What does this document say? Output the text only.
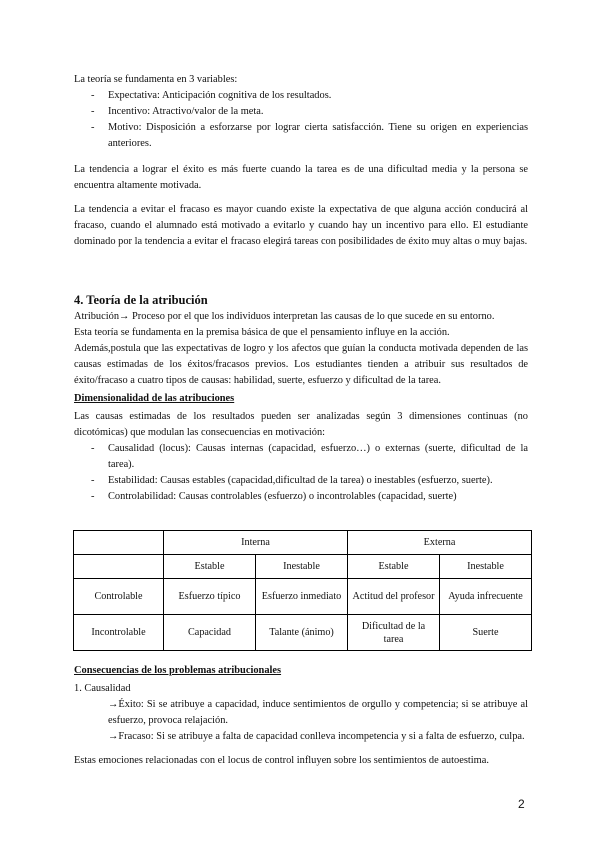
La teoría se fundamenta en 3 variables:
- Expectativa: Anticipación cognitiva de los resultados.
- Incentivo: Atractivo/valor de la meta.
- Motivo: Disposición a esforzarse por lograr cierta satisfacción. Tiene su origen en experiencias anteriores.
La tendencia a lograr el éxito es más fuerte cuando la tarea es de una dificultad media y la persona se encuentra altamente motivada.
La tendencia a evitar el fracaso es mayor cuando existe la expectativa de que alguna acción conducirá al fracaso, cuando el alumnado está motivado a evitarlo y cuando hay un incentivo para ello. El estudiante dominado por la tendencia a evitar el fracaso elegirá tareas con posibilidades de éxito muy altas o muy bajas.
4. Teoría de la atribución
Atribución→ Proceso por el que los individuos interpretan las causas de lo que sucede en su entorno.
Esta teoría se fundamenta en la premisa básica de que el pensamiento influye en la acción.
Además,postula que las expectativas de logro y los afectos que guían la conducta motivada dependen de las causas estimadas de los éxitos/fracasos previos. Los estudiantes tienden a atribuir sus resultados de éxito/fracaso a cuatro tipos de causas: habilidad, suerte, esfuerzo y dificultad de la tarea.
Dimensionalidad de las atribuciones
Las causas estimadas de los resultados pueden ser analizadas según 3 dimensiones continuas (no dicotómicas) que modulan las consecuencias en motivación:
- Causalidad (locus): Causas internas (capacidad, esfuerzo…) o externas (suerte, dificultad de la tarea).
- Estabilidad: Causas estables (capacidad,dificultad de la tarea) o inestables (esfuerzo, suerte).
- Controlabilidad: Causas controlables (esfuerzo) o incontrolables (capacidad, suerte)
	Interna		Externa	
	Estable	Inestable	Estable	Inestable
Controlable	Esfuerzo típico	Esfuerzo inmediato	Actitud del profesor	Ayuda infrecuente
Incontrolable	Capacidad	Talante (ánimo)	Dificultad de la tarea	Suerte
Consecuencias de los problemas atribucionales
1. Causalidad
→Éxito: Si se atribuye a capacidad, induce sentimientos de orgullo y competencia; si se atribuye al esfuerzo, provoca relajación.
→Fracaso: Si se atribuye a falta de capacidad conlleva incompetencia y si a falta de esfuerzo, culpa.
Estas emociones relacionadas con el locus de control influyen sobre los sentimientos de autoestima.
2
